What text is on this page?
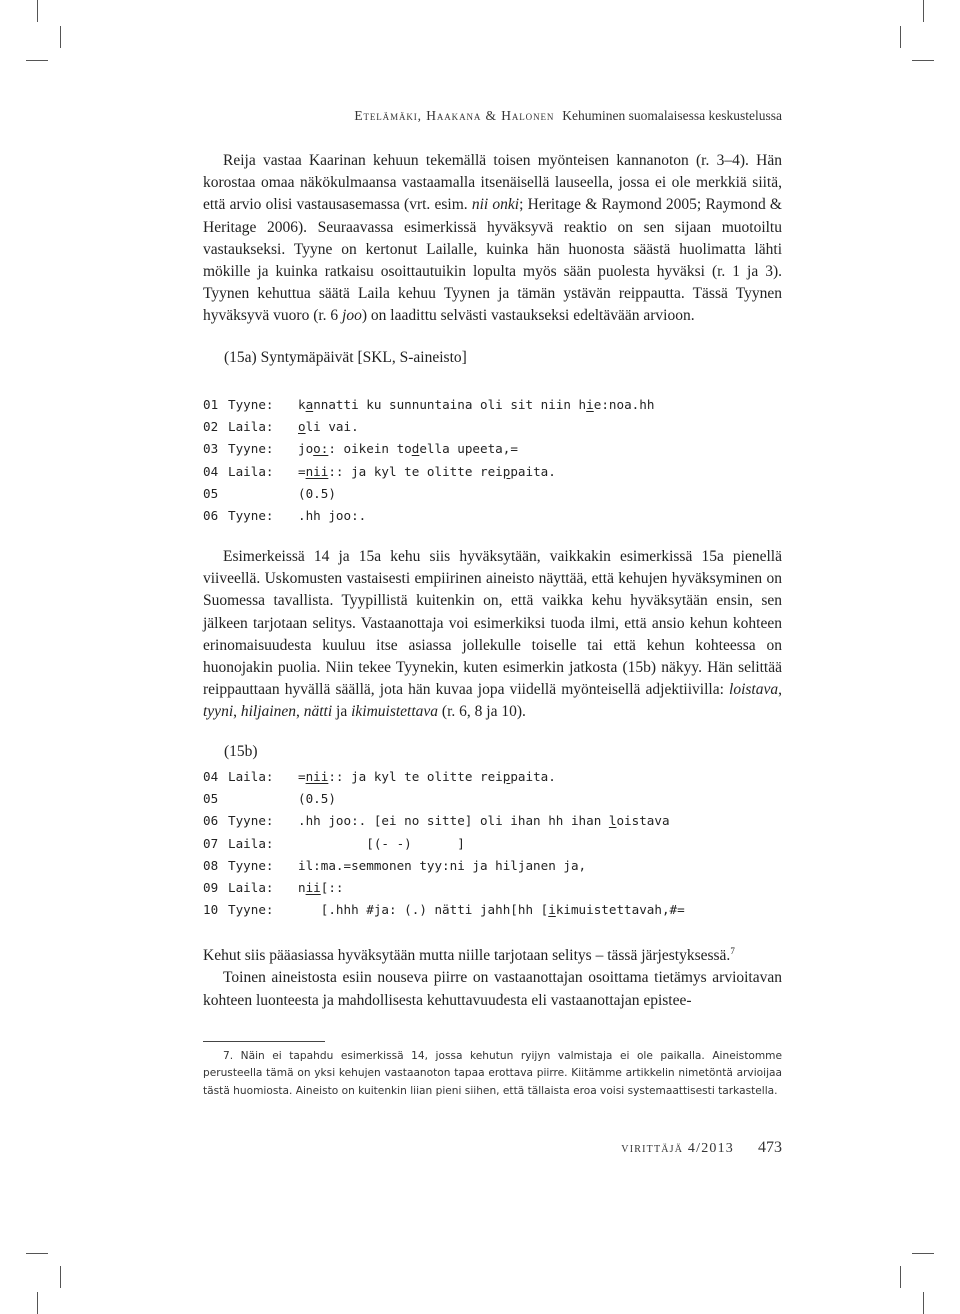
Etelämäki, Haakana & Halonen Kehuminen suomalaisessa keskustelussa

Reija vastaa Kaarinan kehuun tekemällä toisen myönteisen kannanoton (r. 3–4). Hän korostaa omaa näkökulmaansa vastaamalla itsenäisellä lauseella, jossa ei ole merkkiä siitä, että arvio olisi vastausasemassa (vrt. esim. nii onki; Heritage & Raymond 2005; Raymond & Heritage 2006). Seuraavassa esimerkissä hyväksyvä reaktio on sen sijaan muotoiltu vastaukseksi. Tyyne on kertonut Lailalle, kuinka hän huonosta säästä huolimatta lähti mökille ja kuinka ratkaisu osoittautuikin lopulta myös sään puolesta hyväksi (r. 1 ja 3). Tyynen kehuttua säätä Laila kehuu Tyynen ja tämän ystävän reippautta. Tässä Tyynen hyväksyvä vuoro (r. 6 joo) on laadittu selvästi vastaukseksi edeltävään arvioon.

(15a) Syntymäpäivät [SKL, S-aineisto]
01 Tyyne: kannatti ku sunnuntaina oli sit niin hie:noa.hh
02 Laila: oli vai.
03 Tyyne: joo:: oikein todella upeeta,=
04 Laila: =nii:: ja kyl te olitte reippaita.
05	(0.5)
06 Tyyne: .hh joo:.

Esimerkeissä 14 ja 15a kehu siis hyväksytään, vaikkakin esimerkissä 15a pienellä viiveellä. Uskomusten vastaisesti empiirinen aineisto näyttää, että kehujen hyväksyminen on Suomessa tavallista. Tyypillistä kuitenkin on, että vaikka kehu hyväksytään ensin, sen jälkeen tarjotaan selitys. Vastaanottaja voi esimerkiksi tuoda ilmi, että ansio kehun kohteen erinomaisuudesta kuuluu itse asiassa jollekulle toiselle tai että kehun kohteessa on huonojakin puolia. Niin tekee Tyynekin, kuten esimerkin jatkosta (15b) näkyy. Hän selittää reippauttaan hyvällä säällä, jota hän kuvaa jopa viidellä myönteisellä adjektiivilla: loistava, tyyni, hiljainen, nätti ja ikimuistettava (r. 6, 8 ja 10).

(15b)
04 Laila: =nii:: ja kyl te olitte reippaita.
05	(0.5)
06 Tyyne: .hh joo:. [ei no sitte] oli ihan hh ihan loistava
07 Laila:         [(- -)      ]
08 Tyyne: il:ma.=semmonen tyy:ni ja hiljanen ja,
09 Laila: nii[::
10 Tyyne:   [.hhh #ja: (.) nätti jahh[hh [ikimuistettavah,#=

Kehut siis pääasiassa hyväksytään mutta niille tarjotaan selitys – tässä järjestyksessä.$^7$

Toinen aineistosta esiin nouseva piirre on vastaanottajan osoittama tietämys arvioitavan kohteen luonteesta ja mahdollisesta kehuttavuudesta eli vastaanottajan epistee-

7. Näin ei tapahdu esimerkissä 14, jossa kehutun ryijyn valmistaja ei ole paikalla. Aineistomme perusteella tämä on yksi kehujen vastaanoton tapaa erottava piirre. Kiitämme artikkelin nimetöntä arvioijaa tästä huomiosta. Aineisto on kuitenkin liian pieni siihen, että tällaista eroa voisi systemaattisesti tarkastella.
virittäjä 4/2013 473
